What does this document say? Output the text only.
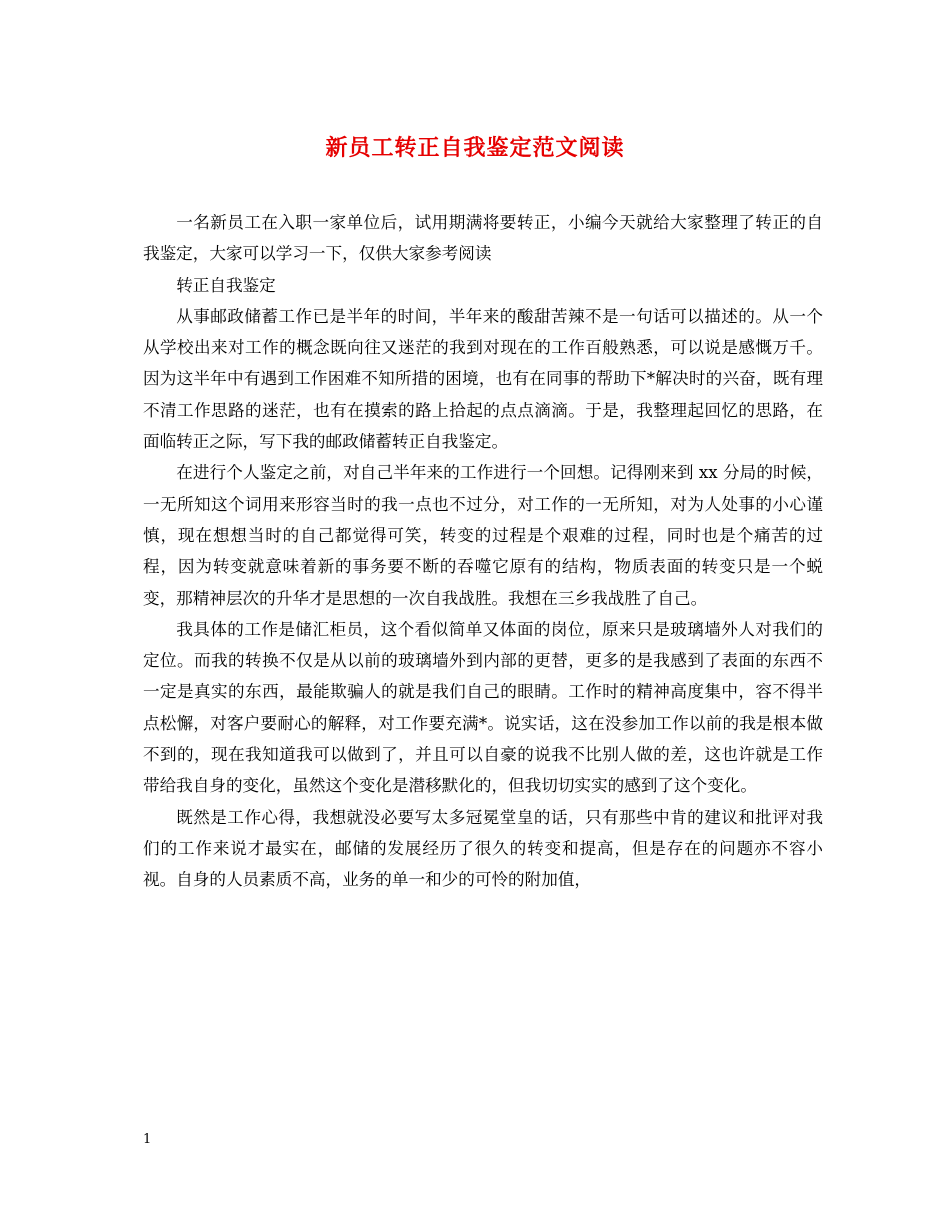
新员工转正自我鉴定范文阅读

一名新员工在入职一家单位后，试用期满将要转正，小编今天就给大家整理了转正的自我鉴定，大家可以学习一下，仅供大家参考阅读

转正自我鉴定

从事邮政储蓄工作已是半年的时间，半年来的酸甜苦辣不是一句话可以描述的。从一个从学校出来对工作的概念既向往又迷茫的我到对现在的工作百般熟悉，可以说是感慨万千。因为这半年中有遇到工作困难不知所措的困境，也有在同事的帮助下*解决时的兴奋，既有理不清工作思路的迷茫，也有在摸索的路上拾起的点点滴滴。于是，我整理起回忆的思路，在面临转正之际，写下我的邮政储蓄转正自我鉴定。

在进行个人鉴定之前，对自己半年来的工作进行一个回想。记得刚来到 xx 分局的时候，一无所知这个词用来形容当时的我一点也不过分，对工作的一无所知，对为人处事的小心谨慎，现在想想当时的自己都觉得可笑，转变的过程是个艰难的过程，同时也是个痛苦的过程，因为转变就意味着新的事务要不断的吞噬它原有的结构，物质表面的转变只是一个蜕变，那精神层次的升华才是思想的一次自我战胜。我想在三乡我战胜了自己。

我具体的工作是储汇柜员，这个看似简单又体面的岗位，原来只是玻璃墙外人对我们的定位。而我的转换不仅是从以前的玻璃墙外到内部的更替，更多的是我感到了表面的东西不一定是真实的东西，最能欺骗人的就是我们自己的眼睛。工作时的精神高度集中，容不得半点松懈，对客户要耐心的解释，对工作要充满*。说实话，这在没参加工作以前的我是根本做不到的，现在我知道我可以做到了，并且可以自豪的说我不比别人做的差，这也许就是工作带给我自身的变化，虽然这个变化是潜移默化的，但我切切实实的感到了这个变化。

既然是工作心得，我想就没必要写太多冠冕堂皇的话，只有那些中肯的建议和批评对我们的工作来说才最实在，邮储的发展经历了很久的转变和提高，但是存在的问题亦不容小视。自身的人员素质不高，业务的单一和少的可怜的附加值，

1
